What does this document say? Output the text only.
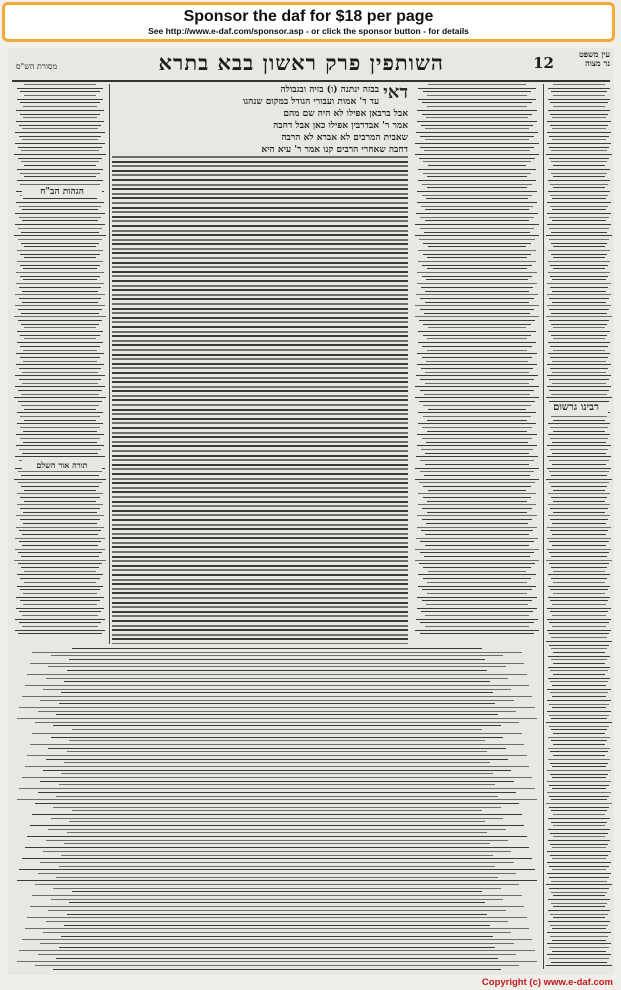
Sponsor the daf for $18 per page
See http://www.e-daf.com/sponsor.asp - or click the sponsor button - for details
עין משפט
נר מצוה
12
השותפין פרק ראשון בבא בתרא
מסורת הש"ס
דאי

בבזה ינתנה (ו) בזיה ובגבולה

עד ד' אמות ועבורי הגודל במקום שנהגו

אבל ברבאן אפילו לא היה שם מהם

אמר ר' אבדרבין אפילו כאן אבל דחבה

שאבית המרבים לא אברא לא הרבה

דחבה שאחרי הרבים קנו אמר ר' עיא היא

הגהות הב"ח
רבינו גרשום
תורה אור השלם
Copyright (c) www.e-daf.com
